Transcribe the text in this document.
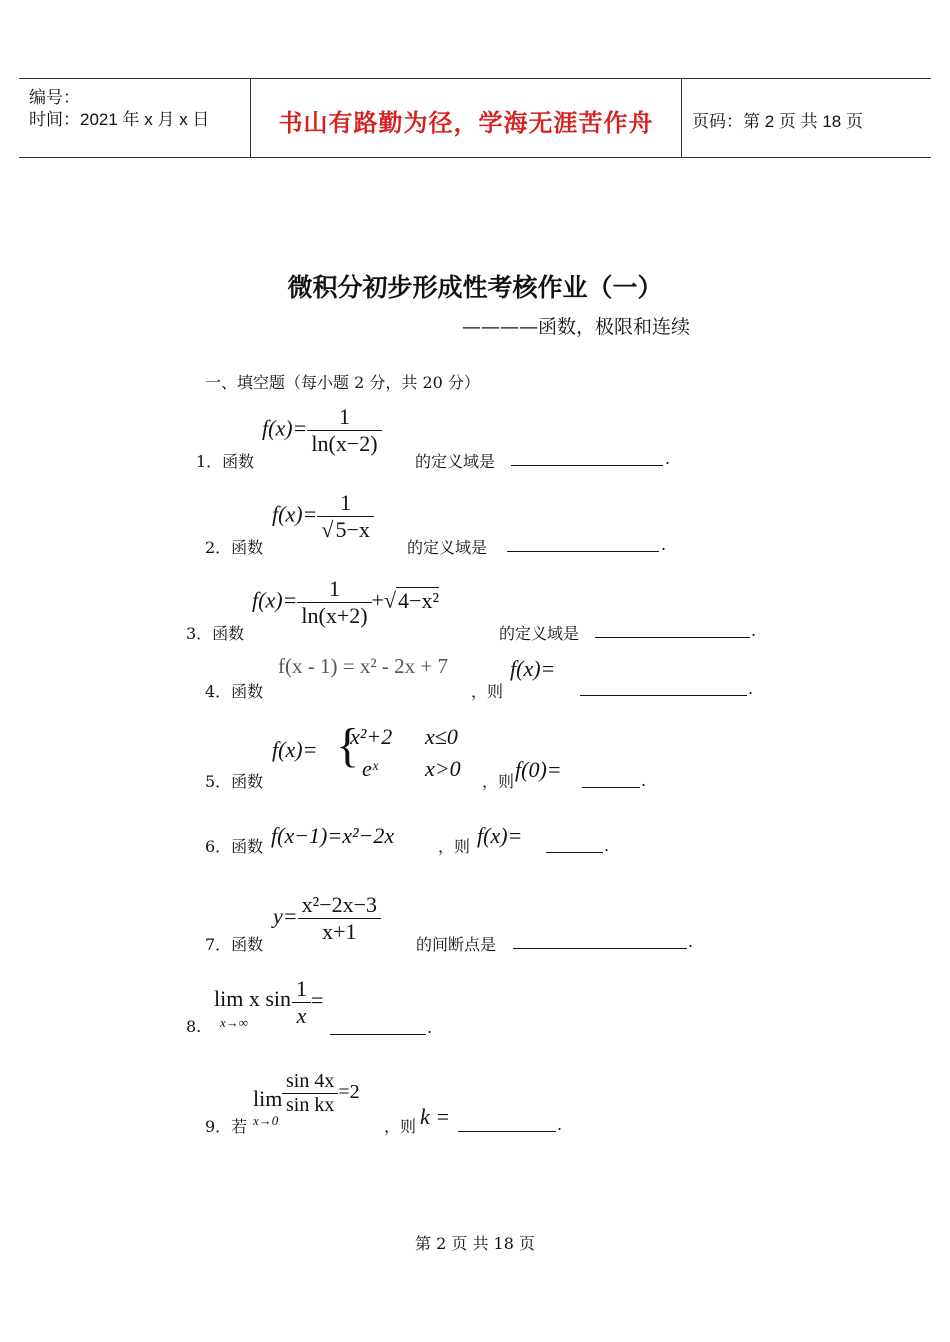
编号：
时间：2021 年 x 月 x 日	书山有路勤为径，学海无涯苦作舟	页码：第 2 页 共 18 页
微积分初步形成性考核作业（一）
————函数，极限和连续
一、填空题（每小题 2 分，共 20 分）
1．函数
$f(x)= \frac{1}{\ln(x-2)}$
的定义域是	.
2．函数
$f(x)= \frac{1}{√5-x}$
的定义域是	.
3．函数
$f(x)= \frac{1}{\ln(x+2)} +√4-x^2$
的定义域是	.
4．函数
f(x - 1) = x² - 2x + 7
，则
f(x)=
.
5．函数
f(x)= {
x²+2 x≤0
eˣ x>0
，则 f(0)=	.
6．函数 f(x−1)=x²−2x	，则 f(x)=	.
7．函数
$y= \frac{\text{x²−2x−3}}{x+1}$ 的间断点是	.
8.
lim x sin
$x\to\infty \frac{1}{x}$ =
.
9．若
lim
x→0
$\frac{\sin 4x}{\text{sin kx}} =2$
，则 k =	.
第 2 页 共 18 页
